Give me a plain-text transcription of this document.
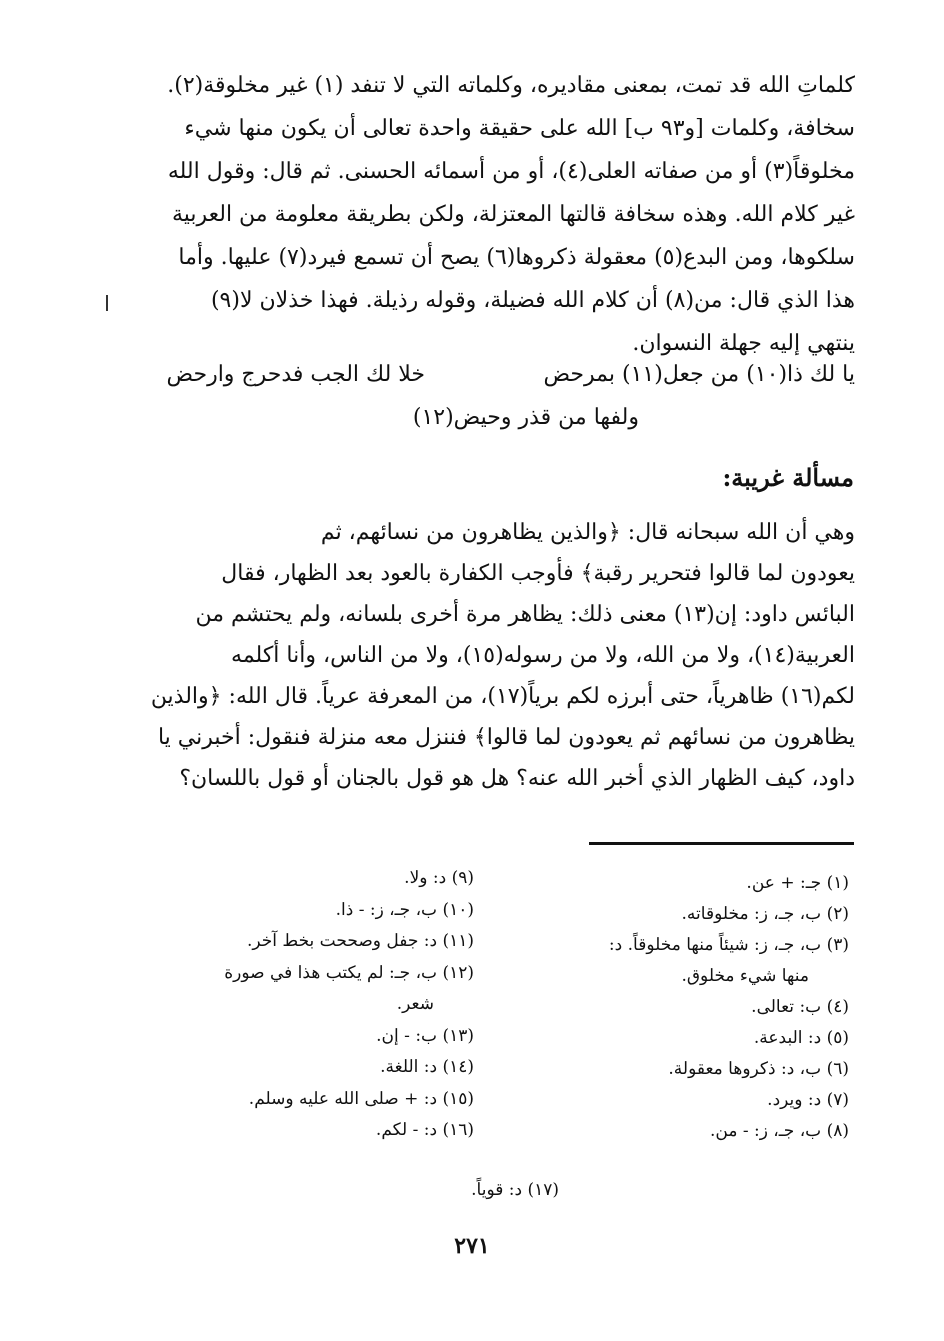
كلماتِ الله قد تمت، بمعنى مقاديره، وكلماته التي لا تنفد (١) غير مخلوقة(٢).
سخافة، وكلمات [و٩٣ ب] الله على حقيقة واحدة تعالى أن يكون منها شيء
مخلوقاً(٣) أو من صفاته العلى(٤)، أو من أسمائه الحسنى. ثم قال: وقول الله
غير كلام الله. وهذه سخافة قالتها المعتزلة، ولكن بطريقة معلومة من العربية
سلكوها، ومن البدع(٥) معقولة ذكروها(٦) يصح أن تسمع فيرد(٧) عليها. وأما
هذا الذي قال: من(٨) أن كلام الله فضيلة، وقوله رذيلة. فهذا خذلان لا(٩)
ينتهي إليه جهلة النسوان.
يا لك ذا(١٠) من جعل(١١) بمرحض
خلا لك الجب فدحرج وارحض
ولفها من قذر وحيض(١٢)
مسألة غريبة:
وهي أن الله سبحانه قال: ﴿والذين يظاهرون من نسائهم، ثم
يعودون لما قالوا فتحرير رقبة﴾ فأوجب الكفارة بالعود بعد الظهار، فقال
البائس داود: إن(١٣) معنى ذلك: يظاهر مرة أخرى بلسانه، ولم يحتشم من
العربية(١٤)، ولا من الله، ولا من رسوله(١٥)، ولا من الناس، وأنا أكلمه
لكم(١٦) ظاهرياً، حتى أبرزه لكم برياً(١٧)، من المعرفة عرياً. قال الله: ﴿والذين
يظاهرون من نسائهم ثم يعودون لما قالوا﴾ فننزل معه منزلة فنقول: أخبرني يا
داود، كيف الظهار الذي أخبر الله عنه؟ هل هو قول بالجنان أو قول باللسان؟
(١) جـ: + عن.
(٢) ب، جـ، ز: مخلوقاته.
(٣) ب، جـ، ز: شيئاً منها مخلوقاً. د:
منها شيء مخلوق.
(٤) ب: تعالى.
(٥) د: البدعة.
(٦) ب، د: ذكروها معقولة.
(٧) د: ويرد.
(٨) ب، جـ، ز: - من.
(٩) د: ولا.
(١٠) ب، جـ، ز: - ذا.
(١١) د: جفل وصححت بخط آخر.
(١٢) ب، جـ: لم يكتب هذا في صورة
شعر.
(١٣) ب: - إن.
(١٤) د: اللغة.
(١٥) د: + صلى الله عليه وسلم.
(١٦) د: - لكم.
(١٧) د: قوياً.
٢٧١
